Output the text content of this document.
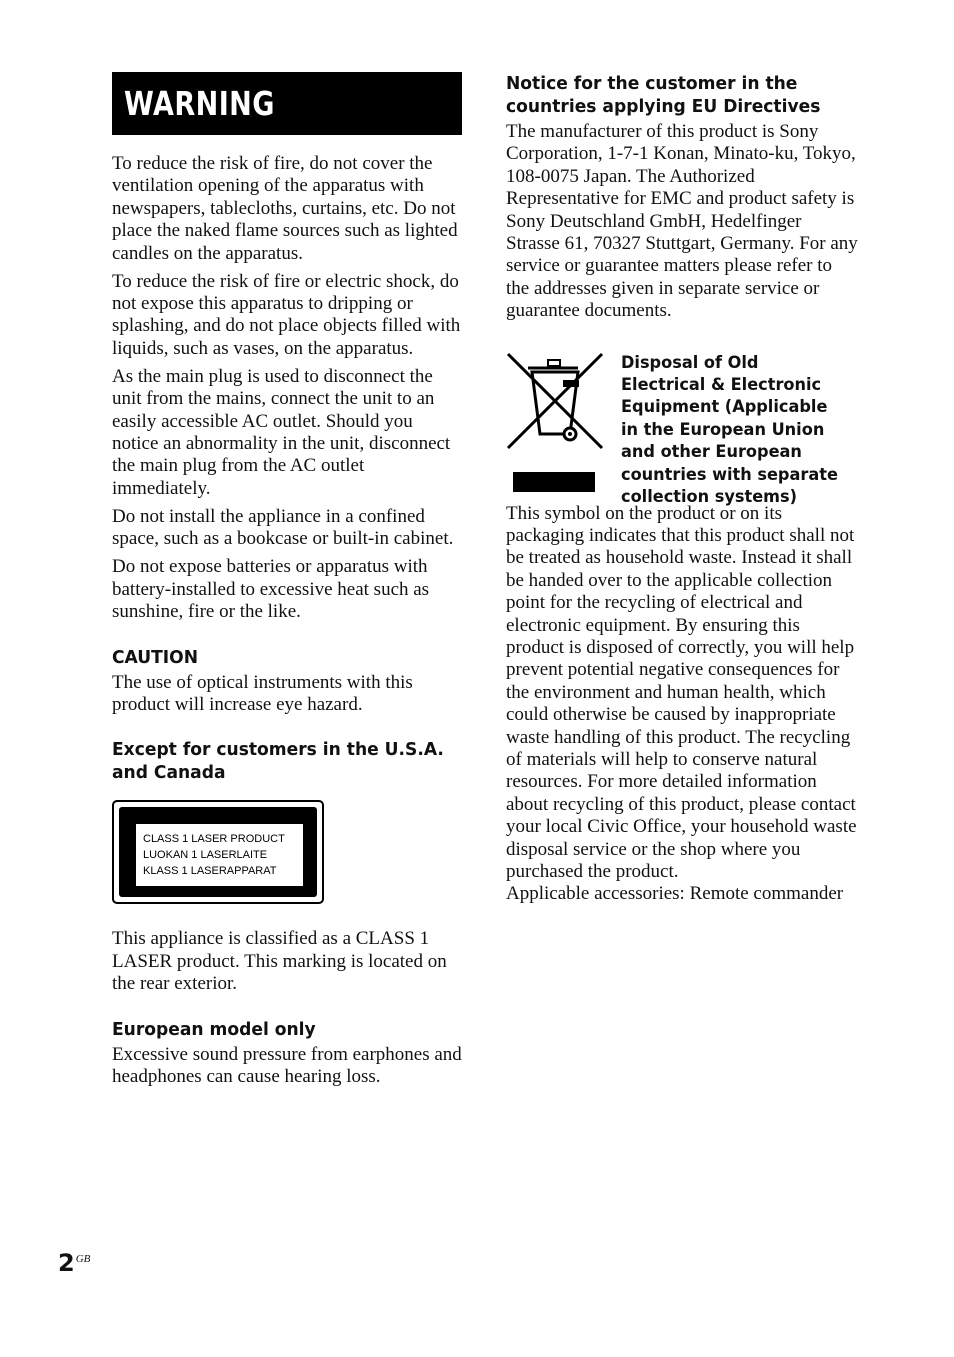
WARNING

To reduce the risk of fire, do not cover the ventilation opening of the apparatus with newspapers, tablecloths, curtains, etc. Do not place the naked flame sources such as lighted candles on the apparatus.

To reduce the risk of fire or electric shock, do not expose this apparatus to dripping or splashing, and do not place objects filled with liquids, such as vases, on the apparatus.

As the main plug is used to disconnect the unit from the mains, connect the unit to an easily accessible AC outlet. Should you notice an abnormality in the unit, disconnect the main plug from the AC outlet immediately.

Do not install the appliance in a confined space, such as a bookcase or built-in cabinet.

Do not expose batteries or apparatus with battery-installed to excessive heat such as sunshine, fire or the like.

CAUTION

The use of optical instruments with this product will increase eye hazard.

Except for customers in the U.S.A. and Canada
CLASS 1 LASER PRODUCT
LUOKAN 1 LASERLAITE
KLASS 1 LASERAPPARAT

This appliance is classified as a CLASS 1 LASER product. This marking is located on the rear exterior.

European model only

Excessive sound pressure from earphones and headphones can cause hearing loss.

Notice for the customer in the countries applying EU Directives

The manufacturer of this product is Sony Corporation, 1-7-1 Konan, Minato-ku, Tokyo, 108-0075 Japan. The Authorized Representative for EMC and product safety is Sony Deutschland GmbH, Hedelfinger Strasse 61, 70327 Stuttgart, Germany. For any service or guarantee matters please refer to the addresses given in separate service or guarantee documents.

Disposal of Old Electrical & Electronic Equipment (Applicable in the European Union and other European countries with separate collection systems)

This symbol on the product or on its packaging indicates that this product shall not be treated as household waste. Instead it shall be handed over to the applicable collection point for the recycling of electrical and electronic equipment. By ensuring this product is disposed of correctly, you will help prevent potential negative consequences for the environment and human health, which could otherwise be caused by inappropriate waste handling of this product. The recycling of materials will help to conserve natural resources. For more detailed information about recycling of this product, please contact your local Civic Office, your household waste disposal service or the shop where you purchased the product.

Applicable accessories: Remote commander

$2^{GB}$
